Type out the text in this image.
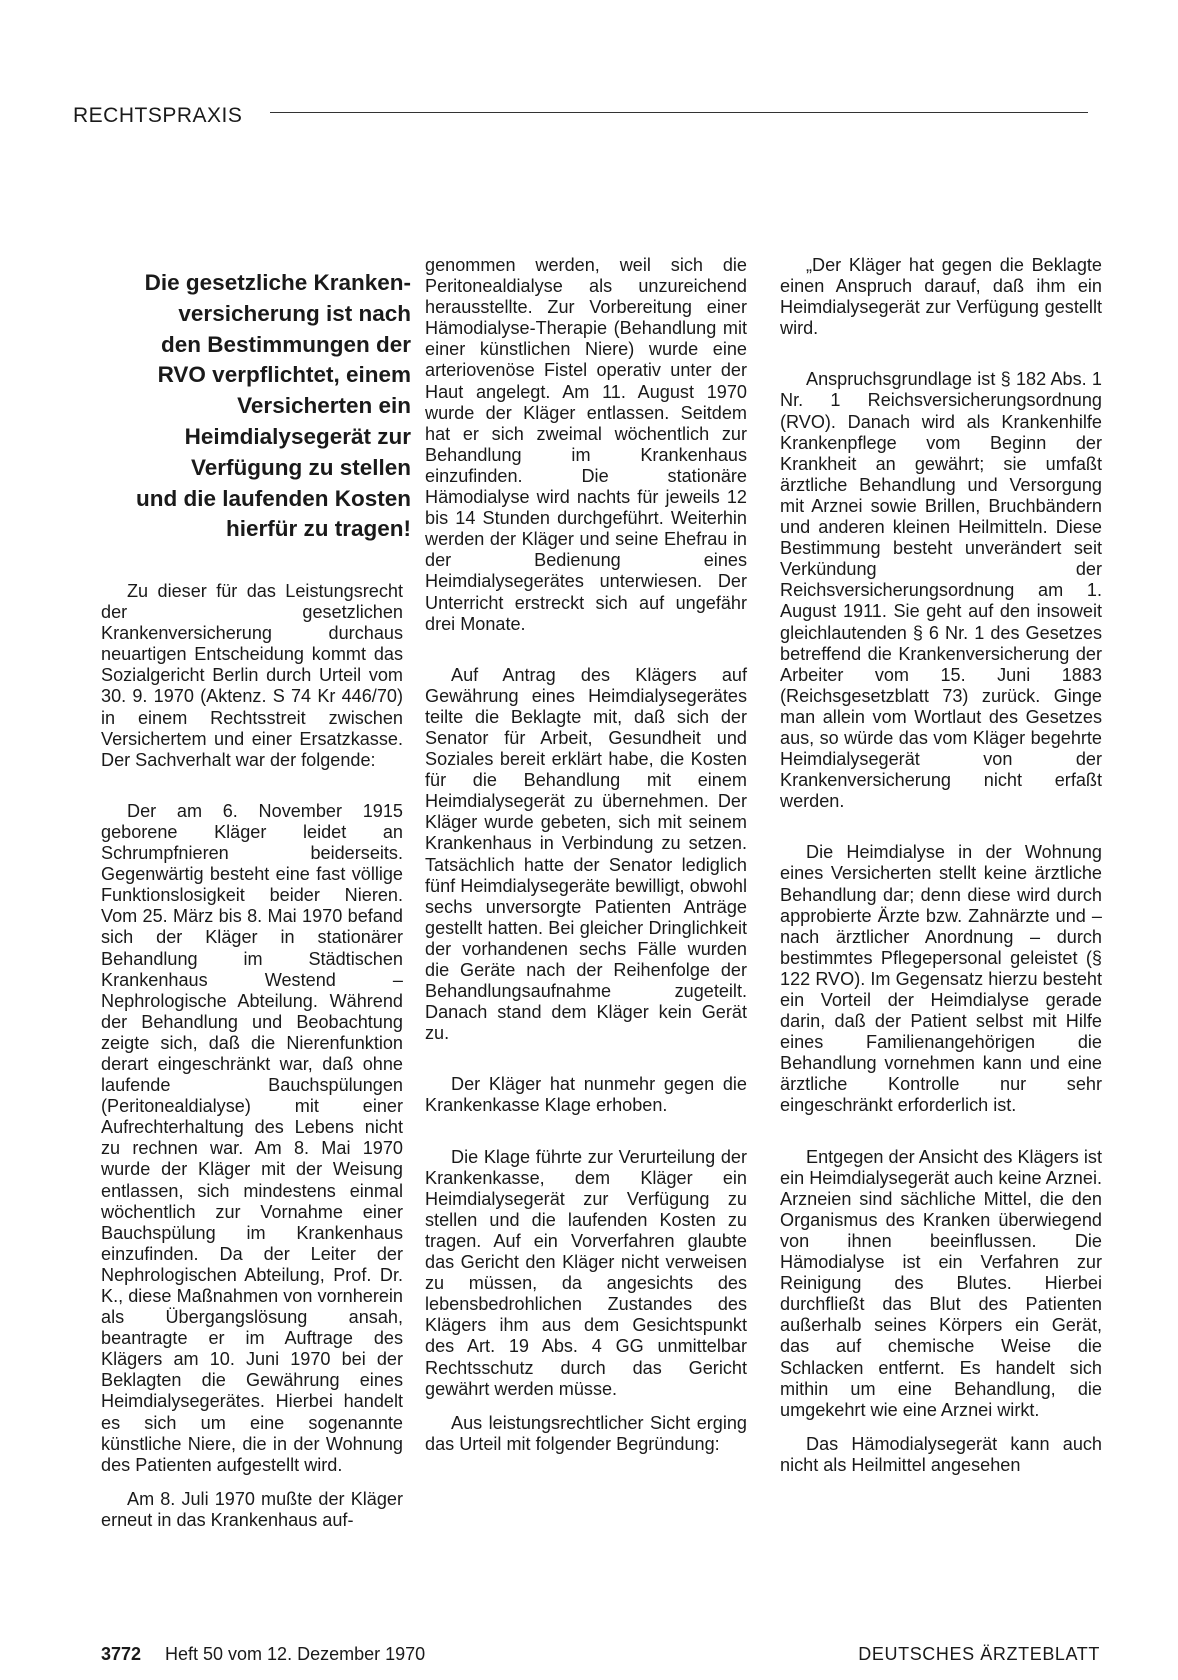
RECHTSPRAXIS
Die gesetzliche Kranken-
versicherung ist nach
den Bestimmungen der
RVO verpflichtet, einem
Versicherten ein
Heimdialysegerät zur
Verfügung zu stellen
und die laufenden Kosten
hierfür zu tragen!

Zu dieser für das Leistungsrecht der gesetzlichen Krankenversicherung durchaus neuartigen Entscheidung kommt das Sozialgericht Berlin durch Urteil vom 30. 9. 1970 (Aktenz. S 74 Kr 446/70) in einem Rechtsstreit zwischen Versichertem und einer Ersatzkasse. Der Sachverhalt war der folgende:

Der am 6. November 1915 geborene Kläger leidet an Schrumpfnieren beiderseits. Gegenwärtig besteht eine fast völlige Funktionslosigkeit beider Nieren. Vom 25. März bis 8. Mai 1970 befand sich der Kläger in stationärer Behandlung im Städtischen Krankenhaus Westend – Nephrologische Abteilung. Während der Behandlung und Beobachtung zeigte sich, daß die Nierenfunktion derart eingeschränkt war, daß ohne laufende Bauchspülungen (Peritonealdialyse) mit einer Aufrechterhaltung des Lebens nicht zu rechnen war. Am 8. Mai 1970 wurde der Kläger mit der Weisung entlassen, sich mindestens einmal wöchentlich zur Vornahme einer Bauchspülung im Krankenhaus einzufinden. Da der Leiter der Nephrologischen Abteilung, Prof. Dr. K., diese Maßnahmen von vornherein als Übergangslösung ansah, beantragte er im Auftrage des Klägers am 10. Juni 1970 bei der Beklagten die Gewährung eines Heimdialysegerätes. Hierbei handelt es sich um eine sogenannte künstliche Niere, die in der Wohnung des Patienten aufgestellt wird.

Am 8. Juli 1970 mußte der Kläger erneut in das Krankenhaus auf-

genommen werden, weil sich die Peritonealdialyse als unzureichend herausstellte. Zur Vorbereitung einer Hämodialyse-Therapie (Behandlung mit einer künstlichen Niere) wurde eine arteriovenöse Fistel operativ unter der Haut angelegt. Am 11. August 1970 wurde der Kläger entlassen. Seitdem hat er sich zweimal wöchentlich zur Behandlung im Krankenhaus einzufinden. Die stationäre Hämodialyse wird nachts für jeweils 12 bis 14 Stunden durchgeführt. Weiterhin werden der Kläger und seine Ehefrau in der Bedienung eines Heimdialysegerätes unterwiesen. Der Unterricht erstreckt sich auf ungefähr drei Monate.

Auf Antrag des Klägers auf Gewährung eines Heimdialysegerätes teilte die Beklagte mit, daß sich der Senator für Arbeit, Gesundheit und Soziales bereit erklärt habe, die Kosten für die Behandlung mit einem Heimdialysegerät zu übernehmen. Der Kläger wurde gebeten, sich mit seinem Krankenhaus in Verbindung zu setzen. Tatsächlich hatte der Senator lediglich fünf Heimdialysegeräte bewilligt, obwohl sechs unversorgte Patienten Anträge gestellt hatten. Bei gleicher Dringlichkeit der vorhandenen sechs Fälle wurden die Geräte nach der Reihenfolge der Behandlungsaufnahme zugeteilt. Danach stand dem Kläger kein Gerät zu.

Der Kläger hat nunmehr gegen die Krankenkasse Klage erhoben.

Die Klage führte zur Verurteilung der Krankenkasse, dem Kläger ein Heimdialysegerät zur Verfügung zu stellen und die laufenden Kosten zu tragen. Auf ein Vorverfahren glaubte das Gericht den Kläger nicht verweisen zu müssen, da angesichts des lebensbedrohlichen Zustandes des Klägers ihm aus dem Gesichtspunkt des Art. 19 Abs. 4 GG unmittelbar Rechtsschutz durch das Gericht gewährt werden müsse.

Aus leistungsrechtlicher Sicht erging das Urteil mit folgender Begründung:

„Der Kläger hat gegen die Beklagte einen Anspruch darauf, daß ihm ein Heimdialysegerät zur Verfügung gestellt wird.

Anspruchsgrundlage ist § 182 Abs. 1 Nr. 1 Reichsversicherungsordnung (RVO). Danach wird als Krankenhilfe Krankenpflege vom Beginn der Krankheit an gewährt; sie umfaßt ärztliche Behandlung und Versorgung mit Arznei sowie Brillen, Bruchbändern und anderen kleinen Heilmitteln. Diese Bestimmung besteht unverändert seit Verkündung der Reichsversicherungsordnung am 1. August 1911. Sie geht auf den insoweit gleichlautenden § 6 Nr. 1 des Gesetzes betreffend die Krankenversicherung der Arbeiter vom 15. Juni 1883 (Reichsgesetzblatt 73) zurück. Ginge man allein vom Wortlaut des Gesetzes aus, so würde das vom Kläger begehrte Heimdialysegerät von der Krankenversicherung nicht erfaßt werden.

Die Heimdialyse in der Wohnung eines Versicherten stellt keine ärztliche Behandlung dar; denn diese wird durch approbierte Ärzte bzw. Zahnärzte und – nach ärztlicher Anordnung – durch bestimmtes Pflegepersonal geleistet (§ 122 RVO). Im Gegensatz hierzu besteht ein Vorteil der Heimdialyse gerade darin, daß der Patient selbst mit Hilfe eines Familienangehörigen die Behandlung vornehmen kann und eine ärztliche Kontrolle nur sehr eingeschränkt erforderlich ist.

Entgegen der Ansicht des Klägers ist ein Heimdialysegerät auch keine Arznei. Arzneien sind sächliche Mittel, die den Organismus des Kranken überwiegend von ihnen beeinflussen. Die Hämodialyse ist ein Verfahren zur Reinigung des Blutes. Hierbei durchfließt das Blut des Patienten außerhalb seines Körpers ein Gerät, das auf chemische Weise die Schlacken entfernt. Es handelt sich mithin um eine Behandlung, die umgekehrt wie eine Arznei wirkt.

Das Hämodialysegerät kann auch nicht als Heilmittel angesehen

3772 Heft 50 vom 12. Dezember 1970	DEUTSCHES ÄRZTEBLATT
